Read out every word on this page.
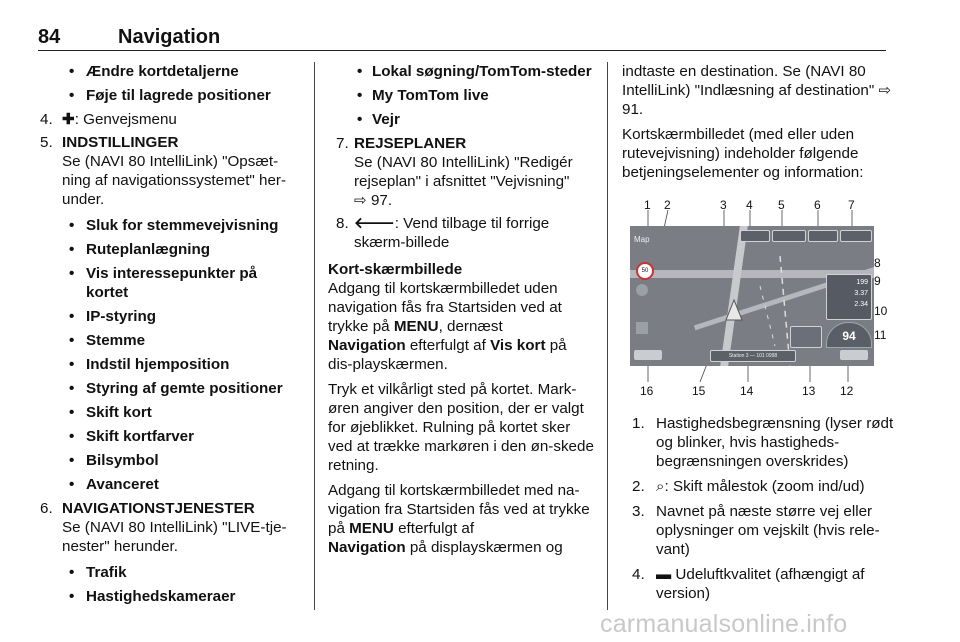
84	Navigation
• Ændre kortdetaljerne
• Føje til lagrede positioner
4. ✚: Genvejsmenu
5. INDSTILLINGER
Se (NAVI 80 IntelliLink) "Opsæt-ning af navigationssystemet" her-under.
• Sluk for stemmevejvisning
• Ruteplanlægning
• Vis interessepunkter på kortet
• IP-styring
• Stemme
• Indstil hjemposition
• Styring af gemte positioner
• Skift kort
• Skift kortfarver
• Bilsymbol
• Avanceret
6. NAVIGATIONSTJENESTER
Se (NAVI 80 IntelliLink) "LIVE-tje-nester" herunder.
• Trafik
• Hastighedskameraer
• Lokal søgning/TomTom-steder
• My TomTom live
• Vejr
7. REJSEPLANER
Se (NAVI 80 IntelliLink) "Redigér rejseplan" i afsnittet "Vejvisning"
⇨ 97.
8. 🡐: Vend tilbage til forrige skærm-billede

Kort-skærmbillede

Adgang til kortskærmbilledet uden navigation fås fra Startsiden ved at trykke på MENU, dernæst
Navigation efterfulgt af Vis kort på dis-playskærmen.

Tryk et vilkårligt sted på kortet. Mark-øren angiver den position, der er valgt for øjeblikket. Rulning på kortet sker ved at trække markøren i den øn-skede retning.

Adgang til kortskærmbilledet med na-vigation fra Startsiden fås ved at trykke på MENU efterfulgt af
Navigation på displayskærmen og

indtaste en destination. Se (NAVI 80 IntelliLink) "Indlæsning af destination" ⇨ 91.

Kortskærmbilledet (med eller uden rutevejvisning) indeholder følgende betjeningselementer og information:

1 2	3 4 5 6 7
Map
50
199
3.37
2.34
94
Station 3 — 101 0998
8
9
10
11
16	15	14	13 12
1. Hastighedsbegrænsning (lyser rødt og blinker, hvis hastigheds-begrænsningen overskrides)
2. ⌕: Skift målestok (zoom ind/ud)
3. Navnet på næste større vej eller oplysninger om vejskilt (hvis rele-vant)
4. ▬ Udeluftkvalitet (afhængigt af version)
carmanualsonline.info
